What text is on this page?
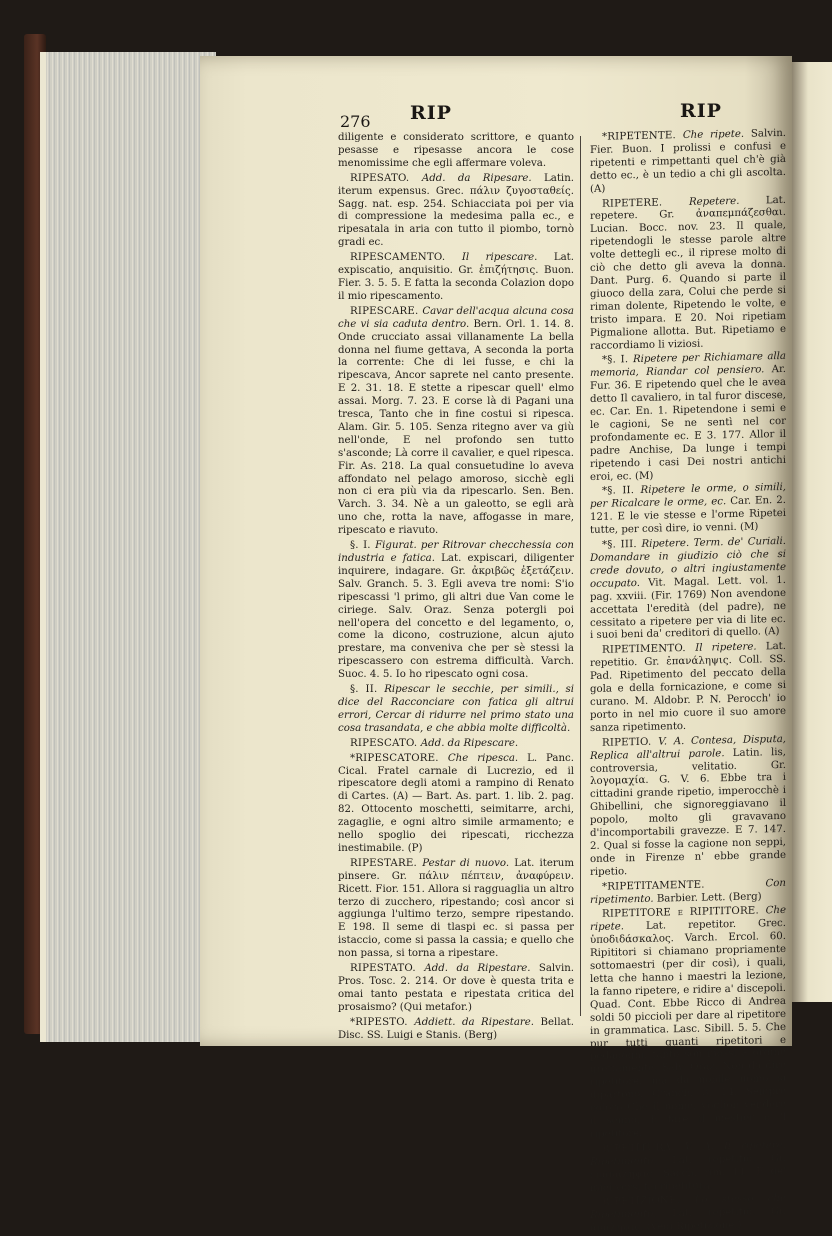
RIP	RIP
276

diligente e considerato scrittore, e quanto pesasse e ripesasse ancora le cose menomissime che egli affermare voleva.

RIPESATO. Add. da Ripesare. Latin. iterum expensus. Grec. πάλιν ζυγοσταθείς. Sagg. nat. esp. 254. Schiacciata poi per via di compressione la medesima palla ec., e ripesatala in aria con tutto il piombo, tornò gradi ec.

RIPESCAMENTO. Il ripescare. Lat. expiscatio, anquisitio. Gr. ἐπιζήτησις. Buon. Fier. 3. 5. 5. E fatta la seconda Colazion dopo il mio ripescamento.

RIPESCARE. Cavar dell'acqua alcuna cosa che vi sia caduta dentro. Bern. Orl. 1. 14. 8. Onde crucciato assai villanamente La bella donna nel fiume gettava, A seconda la porta la corrente: Che di lei fusse, e chi la ripescava, Ancor saprete nel canto presente. E 2. 31. 18. E stette a ripescar quell' elmo assai. Morg. 7. 23. E corse là di Pagani una tresca, Tanto che in fine costui si ripesca. Alam. Gir. 5. 105. Senza ritegno aver va giù nell'onde, E nel profondo sen tutto s'asconde; Là corre il cavalier, e quel ripesca. Fir. As. 218. La qual consuetudine lo aveva affondato nel pelago amoroso, sicchè egli non ci era più via da ripescarlo. Sen. Ben. Varch. 3. 34. Nè a un galeotto, se egli arà uno che, rotta la nave, affogasse in mare, ripescato e riavuto.

§. I. Figurat. per Ritrovar checchessia con industria e fatica. Lat. expiscari, diligenter inquirere, indagare. Gr. ἀκριβῶς ἐξετάζειν. Salv. Granch. 5. 3. Egli aveva tre nomi: S'io ripescassi 'l primo, gli altri due Van come le ciriege. Salv. Oraz. Senza potergli poi nell'opera del concetto e del legamento, o, come la dicono, costruzione, alcun ajuto prestare, ma conveniva che per sè stessi la ripescassero con estrema difficultà. Varch. Suoc. 4. 5. Io ho ripescato ogni cosa.

§. II. Ripescar le secchie, per simili., si dice del Racconciare con fatica gli altrui errori, Cercar di ridurre nel primo stato una cosa trasandata, e che abbia molte difficoltà.

RIPESCATO. Add. da Ripescare.

*RIPESCATORE. Che ripesca. L. Panc. Cical. Fratel carnale di Lucrezio, ed il ripescatore degli atomi a rampino di Renato di Cartes. (A) — Bart. As. part. 1. lib. 2. pag. 82. Ottocento moschetti, seimitarre, archi, zagaglie, e ogni altro simile armamento; e nello spoglio dei ripescati, ricchezza inestimabile. (P)

RIPESTARE. Pestar di nuovo. Lat. iterum pinsere. Gr. πάλιν πέπτειν, ἀναφύρειν. Ricett. Fior. 151. Allora si ragguaglia un altro terzo di zucchero, ripestando; così ancor si aggiunga l'ultimo terzo, sempre ripestando. E 198. Il seme di tlaspi ec. si passa per istaccio, come si passa la cassia; e quello che non passa, si torna a ripestare.

RIPESTATO. Add. da Ripestare. Salvin. Pros. Tosc. 2. 214. Or dove è questa trita e omai tanto pestata e ripestata critica del prosaismo? (Qui metafor.)

*RIPESTO. Addiett. da Ripestare. Bellat. Disc. SS. Luigi e Stanis. (Berg)

*RIPETENTE. Che ripete. Salvin. Fier. Buon. I prolissi e confusi e ripetenti e rimpettanti quel ch'è già detto ec., è un tedio a chi gli ascolta. (A)

RIPETERE. Repetere. Lat. repetere. Gr. ἀναπεμπάζεσθαι. Lucian. Bocc. nov. 23. Il quale, ripetendogli le stesse parole altre volte dettegli ec., il riprese molto di ciò che detto gli aveva la donna. Dant. Purg. 6. Quando si parte il giuoco della zara, Colui che perde si riman dolente, Ripetendo le volte, e tristo impara. E 20. Noi ripetiam Pigmalione allotta. But. Ripetiamo e raccordiamo li viziosi.

*§. I. Ripetere per Richiamare alla memoria, Riandar col pensiero. Ar. Fur. 36. E ripetendo quel che le avea detto Il cavaliero, in tal furor discese, ec. Car. En. 1. Ripetendone i semi e le cagioni, Se ne sentì nel cor profondamente ec. E 3. 177. Allor il padre Anchise, Da lunge i tempi ripetendo i casi Dei nostri antichi eroi, ec. (M)

*§. II. Ripetere le orme, o simili, per Ricalcare le orme, ec. Car. En. 2. 121. E le vie stesse e l'orme Ripetei tutte, per così dire, io venni. (M)

*§. III. Ripetere. Term. de' Curiali. Domandare in giudizio ciò che si crede dovuto, o altri ingiustamente occupato. Vit. Magal. Lett. vol. 1. pag. xxviii. (Fir. 1769) Non avendone accettata l'eredità (del padre), ne cessitato a ripetere per via di lite ec. i suoi beni da' creditori di quello. (A)

RIPETIMENTO. Il ripetere. Lat. repetitio. Gr. ἐπανάληψις. Coll. SS. Pad. Ripetimento del peccato della gola e della fornicazione, e come si curano. M. Aldobr. P. N. Perocch' io porto in nel mio cuore il suo amore sanza ripetimento.

RIPETIO. V. A. Contesa, Disputa, Replica all'altrui parole. Latin. lis, controversia, velitatio. Gr. λογομαχία. G. V. 6. Ebbe tra i cittadini grande ripetio, imperocchè i Ghibellini, che signoreggiavano il popolo, molto gli gravavano d'incomportabili gravezze. E 7. 147. 2. Qual si fosse la cagione non seppi, onde in Firenze n' ebbe grande ripetio.

*RIPETITAMENTE. Con ripetimento. Barbier. Lett. (Berg)

RIPETITORE e RIPITITORE. Che ripete. Lat. repetitor. Grec. ὑποδιδάσκαλος. Varch. Ercol. 60. Ripititori si chiamano propriamente sottomaestri (per dir così), i quali, letta che hanno i maestri la lezione, la fanno ripetere, e ridire a' discepoli. Quad. Cont. Ebbe Ricco di Andrea soldi 50 piccioli per dare al ripetitore in grammatica. Lasc. Sibill. 5. 5. Che pur tutti quanti ripetitori e pedagoghi, tanto son messi a ordine grettamente. Salv. Oraz. Non da dire ripetitore, ma da nobile uomo si dipartono. Granch. 3. 14. Sempre coloro Che il nome, voglion vendere il senno, E fare il mestier e 'l ripetitore.

RIPETITURA. V. A. Il ripetere, Ripetimento. Lat. repetitio. Gr. ἐπανάληψις. Sacch. rim. 11. E de' miei versi fai ripetitura.

RIPETIZIONE. Lo stesso che Ripetimento. Lat. repetitio. Gr. ἀνάληψις. (Vedi Ripetizione.)
